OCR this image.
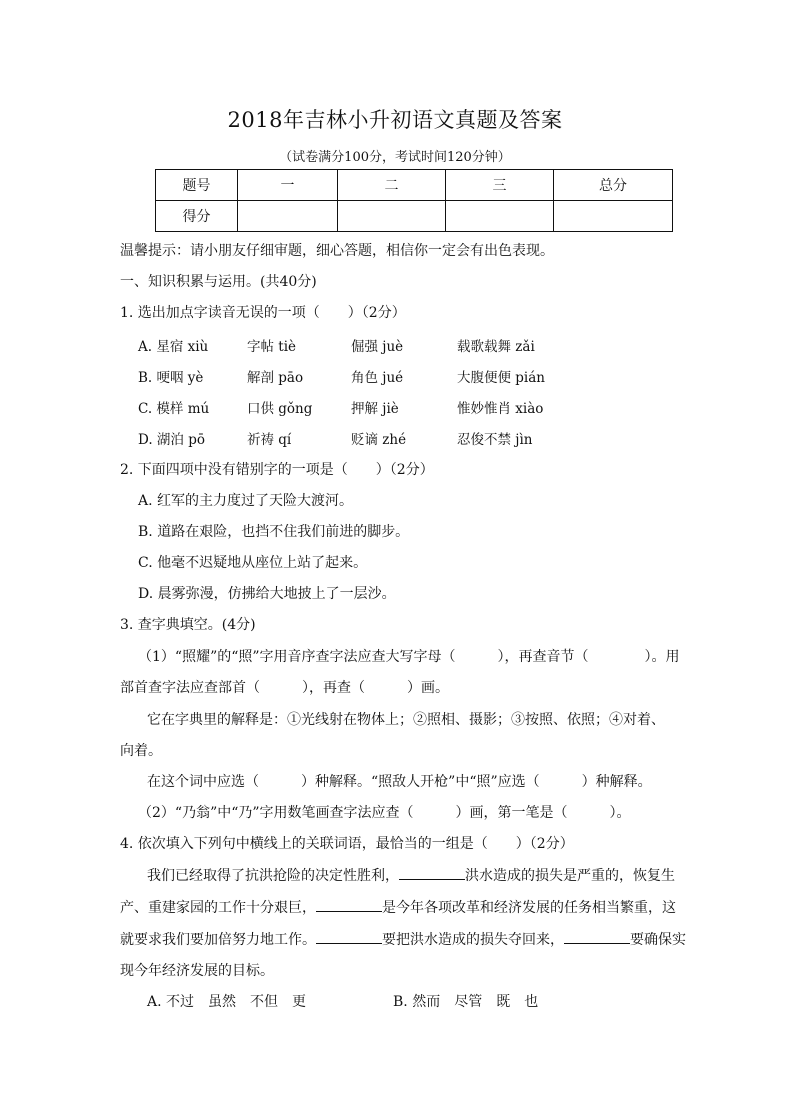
2018年吉林小升初语文真题及答案
（试卷满分100分，考试时间120分钟）
题号	一	二	三	总分
得分				
温馨提示：请小朋友仔细审题，细心答题，相信你一定会有出色表现。
一、知识积累与运用。(共40分)
1. 选出加点字读音无误的一项（　　）（2分）
A. 星宿 xiù	字帖 tiè	倔强 juè	载歌载舞 zǎi
B. 哽咽 yè	解剖 pāo	角色 jué	大腹便便 pián
C. 模样 mú	口供 gǒng	押解 jiè	惟妙惟肖 xiào
D. 湖泊 pō	祈祷 qí	贬谪 zhé	忍俊不禁 jìn
2. 下面四项中没有错别字的一项是（　　）（2分）
A. 红军的主力度过了天险大渡河。
B. 道路在艰险，也挡不住我们前进的脚步。
C. 他毫不迟疑地从座位上站了起来。
D. 晨雾弥漫，仿拂给大地披上了一层沙。
3. 查字典填空。(4分)
（1）“照耀”的“照”字用音序查字法应查大写字母（　　　），再查音节（　　　　）。用
部首查字法应查部首（　　　），再查（　　　）画。
它在字典里的解释是：①光线射在物体上；②照相、摄影；③按照、依照；④对着、
向着。
在这个词中应选（　　　）种解释。“照敌人开枪”中“照”应选（　　　）种解释。
（2）“乃翁”中“乃”字用数笔画查字法应查（　　　）画，第一笔是（　　　）。
4. 依次填入下列句中横线上的关联词语，最恰当的一组是（　　）（2分）
我们已经取得了抗洪抢险的决定性胜利，	洪水造成的损失是严重的，恢复生
产、重建家园的工作十分艰巨，	是今年各项改革和经济发展的任务相当繁重，这
就要求我们要加倍努力地工作。	要把洪水造成的损失夺回来，	要确保实
现今年经济发展的目标。
A. 不过　虽然　不但　更	B. 然而　尽管　既　也
